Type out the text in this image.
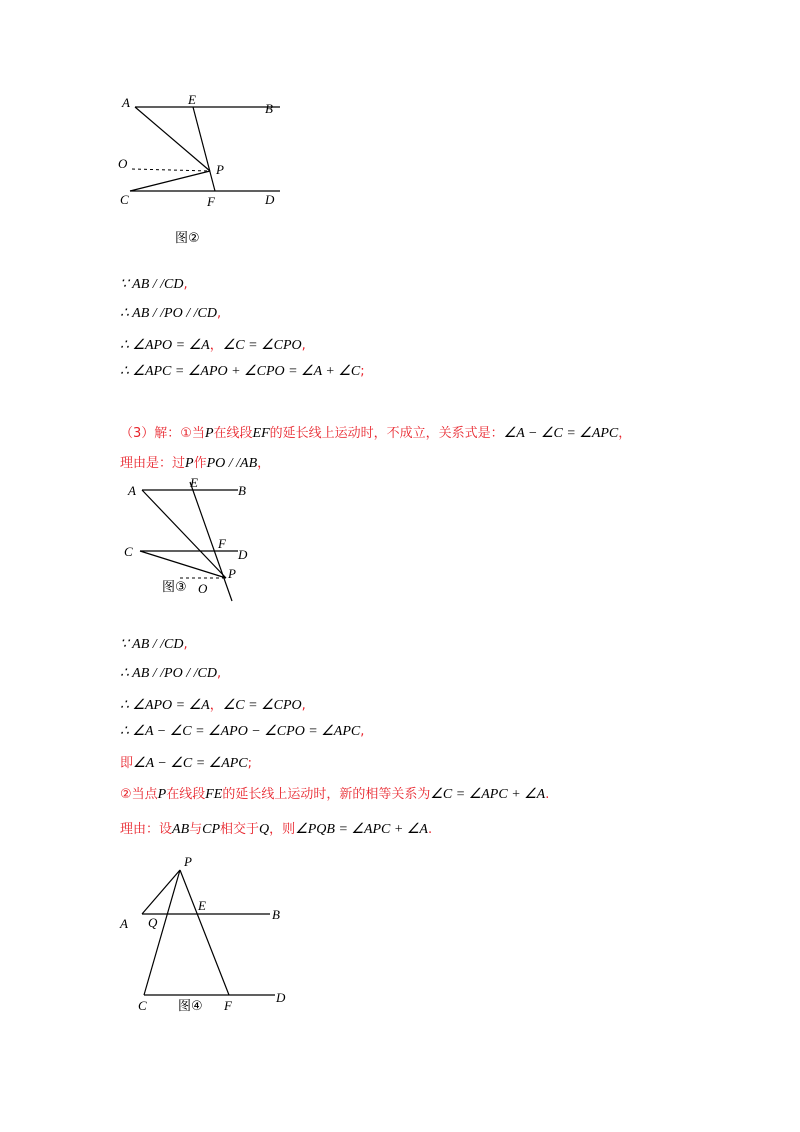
A	E
B
O	P
C	F	D
图②
∵ AB / /CD,
∴ AB / /PO / /CD,
∴ ∠APO = ∠A，∠C = ∠CPO,
∴ ∠APC = ∠APO + ∠CPO = ∠A + ∠C;
（3）解：①当P在线段EF的延长线上运动时，不成立，关系式是：∠A − ∠C = ∠APC，
理由是：过P作PO / /AB，
A
E
B
F
C	D
P
图③ O
∵ AB / /CD,
∴ AB / /PO / /CD,
∴ ∠APO = ∠A，∠C = ∠CPO,
∴ ∠A − ∠C = ∠APO − ∠CPO = ∠APC,
即∠A − ∠C = ∠APC;
②当点P在线段FE的延长线上运动时，新的相等关系为∠C = ∠APC + ∠A.
理由：设AB与CP相交于Q，则∠PQB = ∠APC + ∠A.
P
A Q
E
B
C 图④ F
D
